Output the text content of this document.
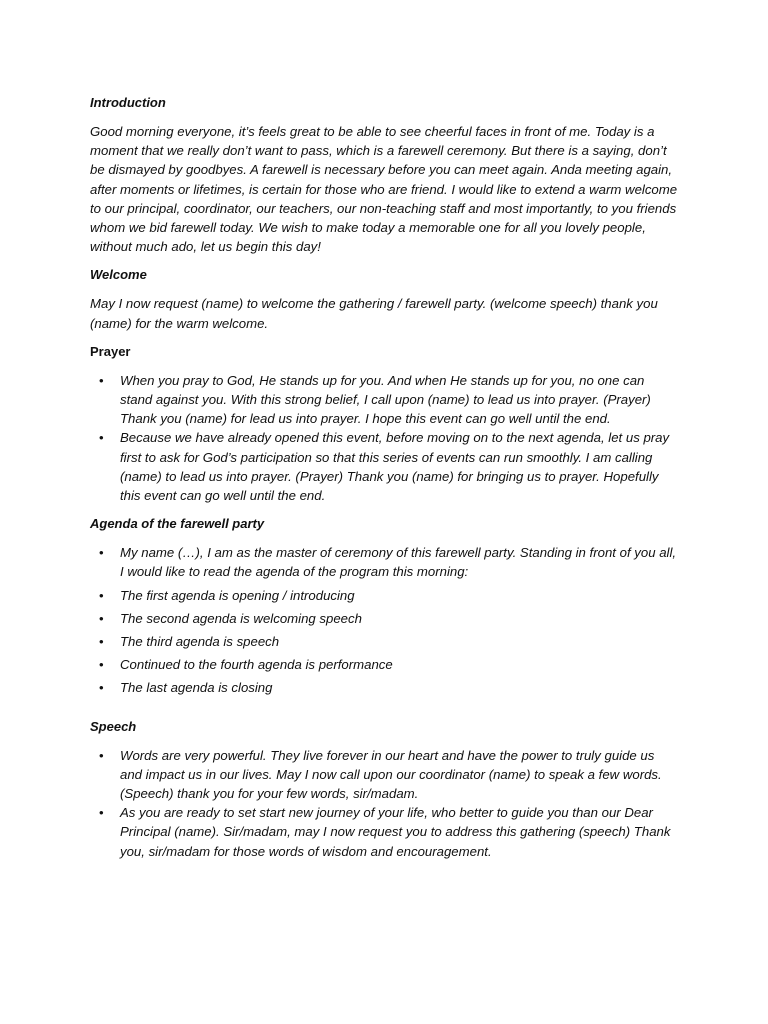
Introduction

Good morning everyone, it’s feels great to be able to see cheerful faces in front of me. Today is a moment that we really don’t want to pass, which is a farewell ceremony. But there is a saying, don’t be dismayed by goodbyes. A farewell is necessary before you can meet again. Anda meeting again, after moments or lifetimes, is certain for those who are friend. I would like to extend a warm welcome to our principal, coordinator, our teachers, our non-teaching staff and most importantly, to you friends whom we bid farewell today. We wish to make today a memorable one for all you lovely people, without much ado, let us begin this day!

Welcome

May I now request (name) to welcome the gathering / farewell party. (welcome speech) thank you (name) for the warm welcome.

Prayer
• When you pray to God, He stands up for you. And when He stands up for you, no one can stand against you. With this strong belief, I call upon (name) to lead us into prayer. (Prayer) Thank you (name) for lead us into prayer. I hope this event can go well until the end.
• Because we have already opened this event, before moving on to the next agenda, let us pray first to ask for God’s participation so that this series of events can run smoothly. I am calling (name) to lead us into prayer. (Prayer) Thank you (name) for bringing us to prayer. Hopefully this event can go well until the end.
Agenda of the farewell party
• My name (…), I am as the master of ceremony of this farewell party. Standing in front of you all, I would like to read the agenda of the program this morning:
• The first agenda is opening / introducing
• The second agenda is welcoming speech
• The third agenda is speech
• Continued to the fourth agenda is performance
• The last agenda is closing
Speech
• Words are very powerful. They live forever in our heart and have the power to truly guide us and impact us in our lives. May I now call upon our coordinator (name) to speak a few words. (Speech) thank you for your few words, sir/madam.
• As you are ready to set start new journey of your life, who better to guide you than our Dear Principal (name). Sir/madam, may I now request you to address this gathering (speech) Thank you, sir/madam for those words of wisdom and encouragement.
